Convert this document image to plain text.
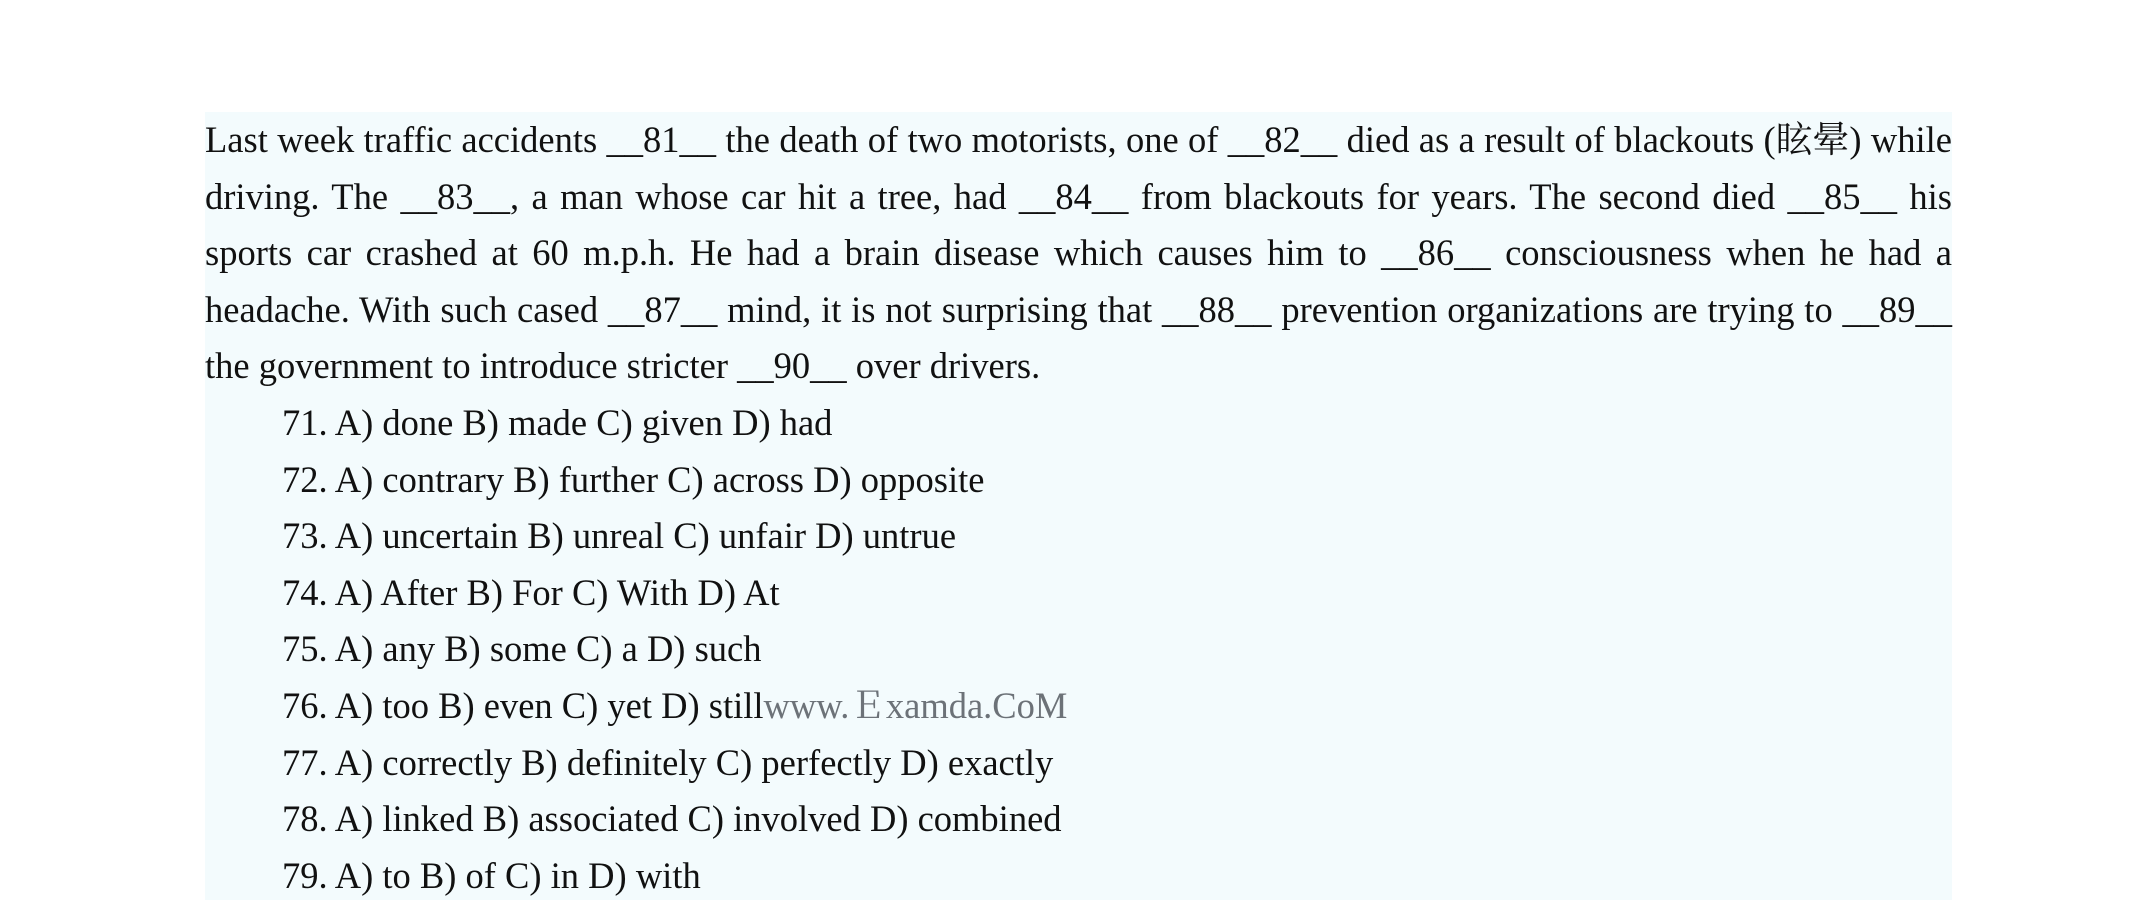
Last week traffic accidents __81__ the death of two motorists, one of __82__ died as a result of blackouts (眩晕) while driving. The __83__, a man whose car hit a tree, had __84__ from blackouts for years. The second died __85__ his sports car crashed at 60 m.p.h. He had a brain disease which causes him to __86__ consciousness when he had a headache. With such cased __87__ mind, it is not surprising that __88__ prevention organizations are trying to __89__ the government to introduce stricter __90__ over drivers.

71. A) done B) made C) given D) had
72. A) contrary B) further C) across D) opposite
73. A) uncertain B) unreal C) unfair D) untrue
74. A) After B) For C) With D) At
75. A) any B) some C) a D) such
76. A) too B) even C) yet D) stillwww.Ｅxamda.CoM
77. A) correctly B) definitely C) perfectly D) exactly
78. A) linked B) associated C) involved D) combined
79. A) to B) of C) in D) with
